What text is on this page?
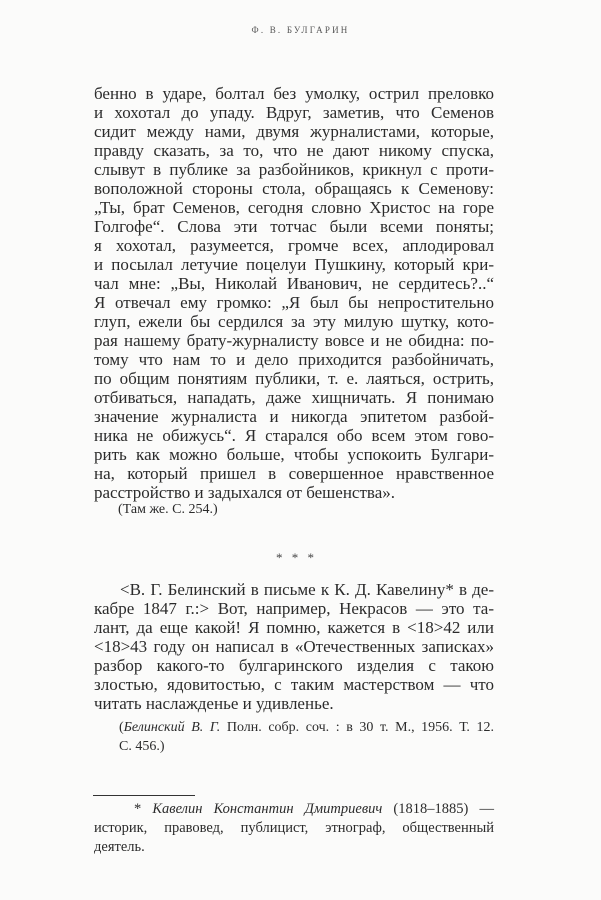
Ф. В. БУЛГАРИН
бенно в ударе, болтал без умолку, острил преловко
и хохотал до упаду. Вдруг, заметив, что Семенов
сидит между нами, двумя журналистами, которые,
правду сказать, за то, что не дают никому спуска,
слывут в публике за разбойников, крикнул с проти-
воположной стороны стола, обращаясь к Семенову:
„Ты, брат Семенов, сегодня словно Христос на горе
Голгофе“. Слова эти тотчас были всеми поняты;
я хохотал, разумеется, громче всех, аплодировал
и посылал летучие поцелуи Пушкину, который кри-
чал мне: „Вы, Николай Иванович, не сердитесь?..“
Я отвечал ему громко: „Я был бы непростительно
глуп, ежели бы сердился за эту милую шутку, кото-
рая нашему брату-журналисту вовсе и не обидна: по-
тому что нам то и дело приходится разбойничать,
по общим понятиям публики, т. е. лаяться, острить,
отбиваться, нападать, даже хищничать. Я понимаю
значение журналиста и никогда эпитетом разбой-
ника не обижусь“. Я старался обо всем этом гово-
рить как можно больше, чтобы успокоить Булгари-
на, который пришел в совершенное нравственное
расстройство и задыхался от бешенства».
(Там же. С. 254.)
* * *
<В. Г. Белинский в письме к К. Д. Кавелину* в де-
кабре 1847 г.:> Вот, например, Некрасов — это та-
лант, да еще какой! Я помню, кажется в <18>42 или
<18>43 году он написал в «Отечественных записках»
разбор какого-то булгаринского изделия с такою
злостью, ядовитостью, с таким мастерством — что
читать наслажденье и удивленье.
(Белинский В. Г. Полн. собр. соч. : в 30 т. М., 1956. Т. 12.
С. 456.)
* Кавелин Константин Дмитриевич (1818–1885) —
историк, правовед, публицист, этнограф, общественный
деятель.
